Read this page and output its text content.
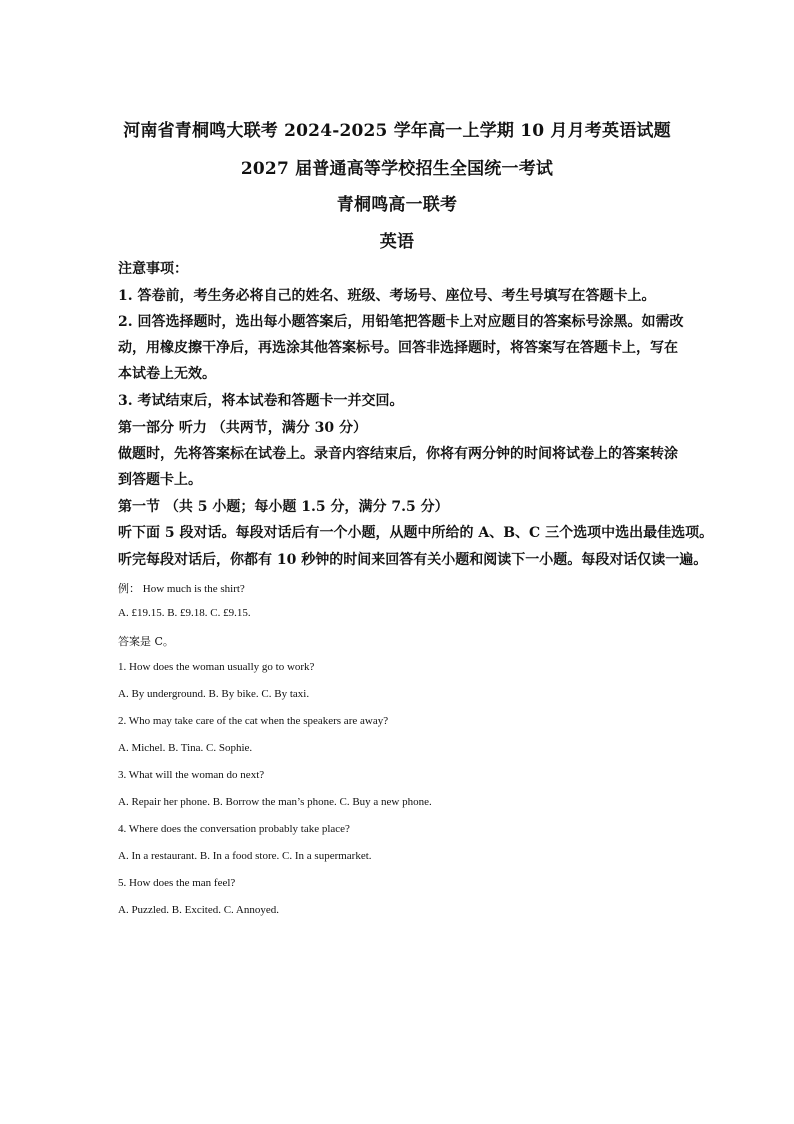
河南省青桐鸣大联考 2024-2025 学年高一上学期 10 月月考英语试题
2027 届普通高等学校招生全国统一考试
青桐鸣高一联考
英语
注意事项：
1. 答卷前，考生务必将自己的姓名、班级、考场号、座位号、考生号填写在答题卡上。
2. 回答选择题时，选出每小题答案后，用铅笔把答题卡上对应题目的答案标号涂黑。如需改
动，用橡皮擦干净后，再选涂其他答案标号。回答非选择题时，将答案写在答题卡上，写在
本试卷上无效。
3. 考试结束后，将本试卷和答题卡一并交回。
第一部分 听力 （共两节，满分 30 分）
做题时，先将答案标在试卷上。录音内容结束后，你将有两分钟的时间将试卷上的答案转涂
到答题卡上。
第一节 （共 5 小题；每小题 1.5 分，满分 7.5 分）
听下面 5 段对话。每段对话后有一个小题，从题中所给的 A、B、C 三个选项中选出最佳选项。
听完每段对话后，你都有 10 秒钟的时间来回答有关小题和阅读下一小题。每段对话仅读一遍。
例： How much is the shirt?
A. £19.15. B. £9.18. C. £9.15.
答案是 C。
1. How does the woman usually go to work?
A. By underground. B. By bike. C. By taxi.
2. Who may take care of the cat when the speakers are away?
A. Michel. B. Tina. C. Sophie.
3. What will the woman do next?
A. Repair her phone. B. Borrow the man’s phone. C. Buy a new phone.
4. Where does the conversation probably take place?
A. In a restaurant. B. In a food store. C. In a supermarket.
5. How does the man feel?
A. Puzzled. B. Excited. C. Annoyed.
